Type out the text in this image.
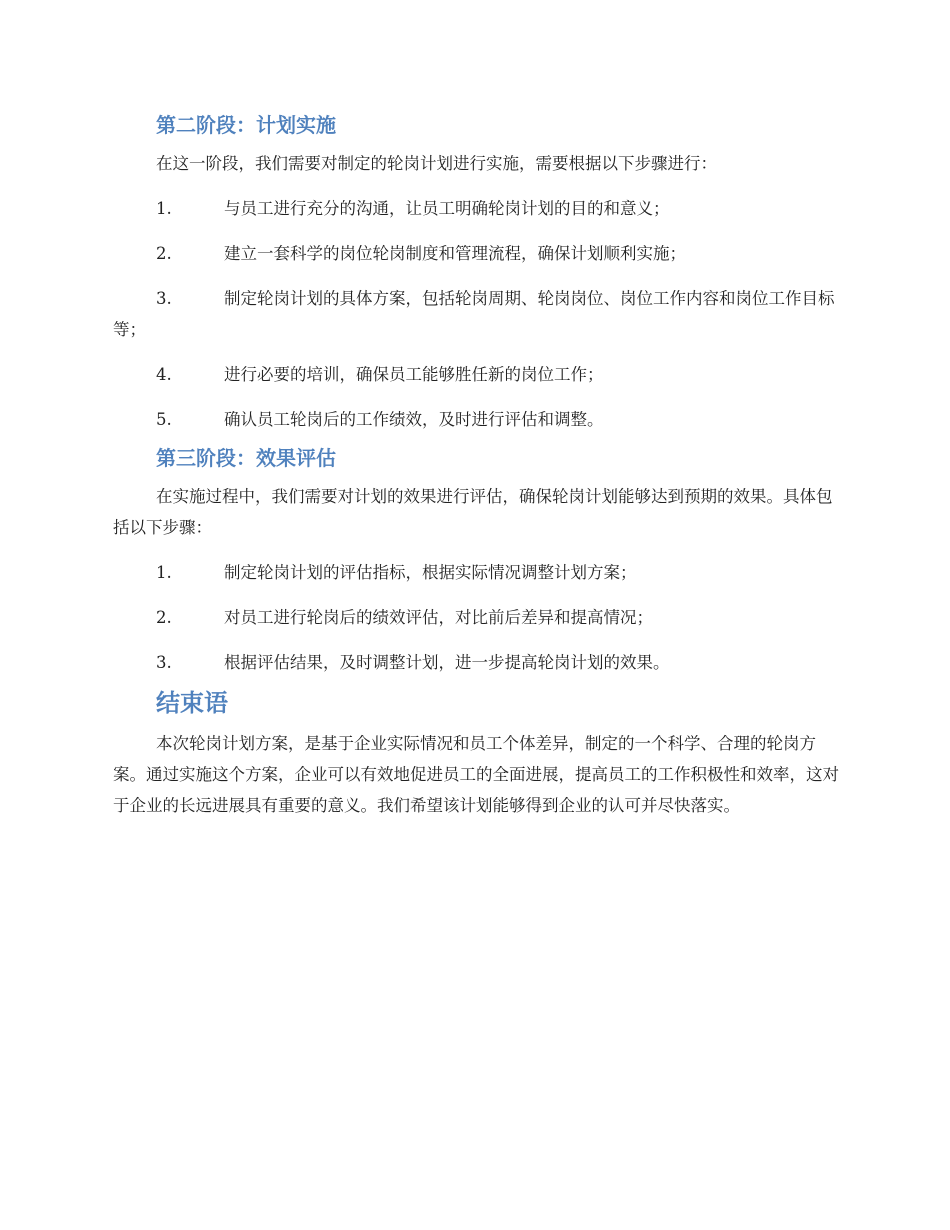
第二阶段：计划实施

在这一阶段，我们需要对制定的轮岗计划进行实施，需要根据以下步骤进行：

1.	与员工进行充分的沟通，让员工明确轮岗计划的目的和意义；

2.	建立一套科学的岗位轮岗制度和管理流程，确保计划顺利实施；

3.	制定轮岗计划的具体方案，包括轮岗周期、轮岗岗位、岗位工作内容和岗位工作目标等；

4.	进行必要的培训，确保员工能够胜任新的岗位工作；

5.	确认员工轮岗后的工作绩效，及时进行评估和调整。

第三阶段：效果评估

在实施过程中，我们需要对计划的效果进行评估，确保轮岗计划能够达到预期的效果。具体包括以下步骤：

1.	制定轮岗计划的评估指标，根据实际情况调整计划方案；

2.	对员工进行轮岗后的绩效评估，对比前后差异和提高情况；

3.	根据评估结果，及时调整计划，进一步提高轮岗计划的效果。

结束语

本次轮岗计划方案，是基于企业实际情况和员工个体差异，制定的一个科学、合理的轮岗方案。通过实施这个方案，企业可以有效地促进员工的全面进展，提高员工的工作积极性和效率，这对于企业的长远进展具有重要的意义。我们希望该计划能够得到企业的认可并尽快落实。
